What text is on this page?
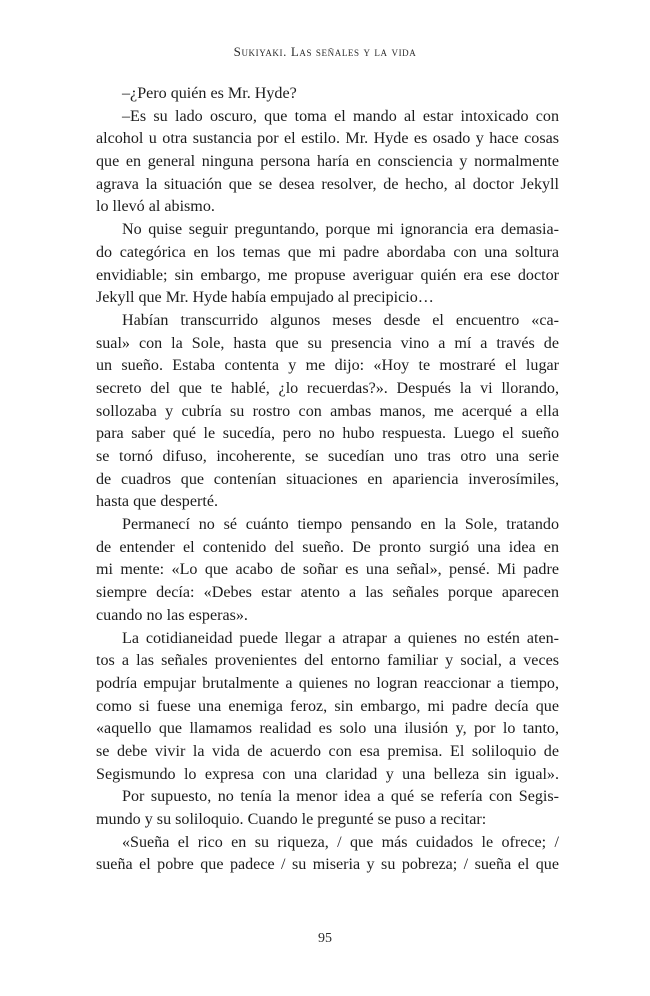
Sukiyaki. Las señales y la vida
–¿Pero quién es Mr. Hyde?
–Es su lado oscuro, que toma el mando al estar intoxicado con
alcohol u otra sustancia por el estilo. Mr. Hyde es osado y hace cosas
que en general ninguna persona haría en consciencia y normalmente
agrava la situación que se desea resolver, de hecho, al doctor Jekyll
lo llevó al abismo.
No quise seguir preguntando, porque mi ignorancia era demasia-
do categórica en los temas que mi padre abordaba con una soltura
envidiable; sin embargo, me propuse averiguar quién era ese doctor
Jekyll que Mr. Hyde había empujado al precipicio…
Habían transcurrido algunos meses desde el encuentro «ca-
sual» con la Sole, hasta que su presencia vino a mí a través de
un sueño. Estaba contenta y me dijo: «Hoy te mostraré el lugar
secreto del que te hablé, ¿lo recuerdas?». Después la vi llorando,
sollozaba y cubría su rostro con ambas manos, me acerqué a ella
para saber qué le sucedía, pero no hubo respuesta. Luego el sueño
se tornó difuso, incoherente, se sucedían uno tras otro una serie
de cuadros que contenían situaciones en apariencia inverosímiles,
hasta que desperté.
Permanecí no sé cuánto tiempo pensando en la Sole, tratando
de entender el contenido del sueño. De pronto surgió una idea en
mi mente: «Lo que acabo de soñar es una señal», pensé. Mi padre
siempre decía: «Debes estar atento a las señales porque aparecen
cuando no las esperas».
La cotidianeidad puede llegar a atrapar a quienes no estén aten-
tos a las señales provenientes del entorno familiar y social, a veces
podría empujar brutalmente a quienes no logran reaccionar a tiempo,
como si fuese una enemiga feroz, sin embargo, mi padre decía que
«aquello que llamamos realidad es solo una ilusión y, por lo tanto,
se debe vivir la vida de acuerdo con esa premisa. El soliloquio de
Segismundo lo expresa con una claridad y una belleza sin igual».
Por supuesto, no tenía la menor idea a qué se refería con Segis-
mundo y su soliloquio. Cuando le pregunté se puso a recitar:
«Sueña el rico en su riqueza, / que más cuidados le ofrece; /
sueña el pobre que padece / su miseria y su pobreza; / sueña el que
95
